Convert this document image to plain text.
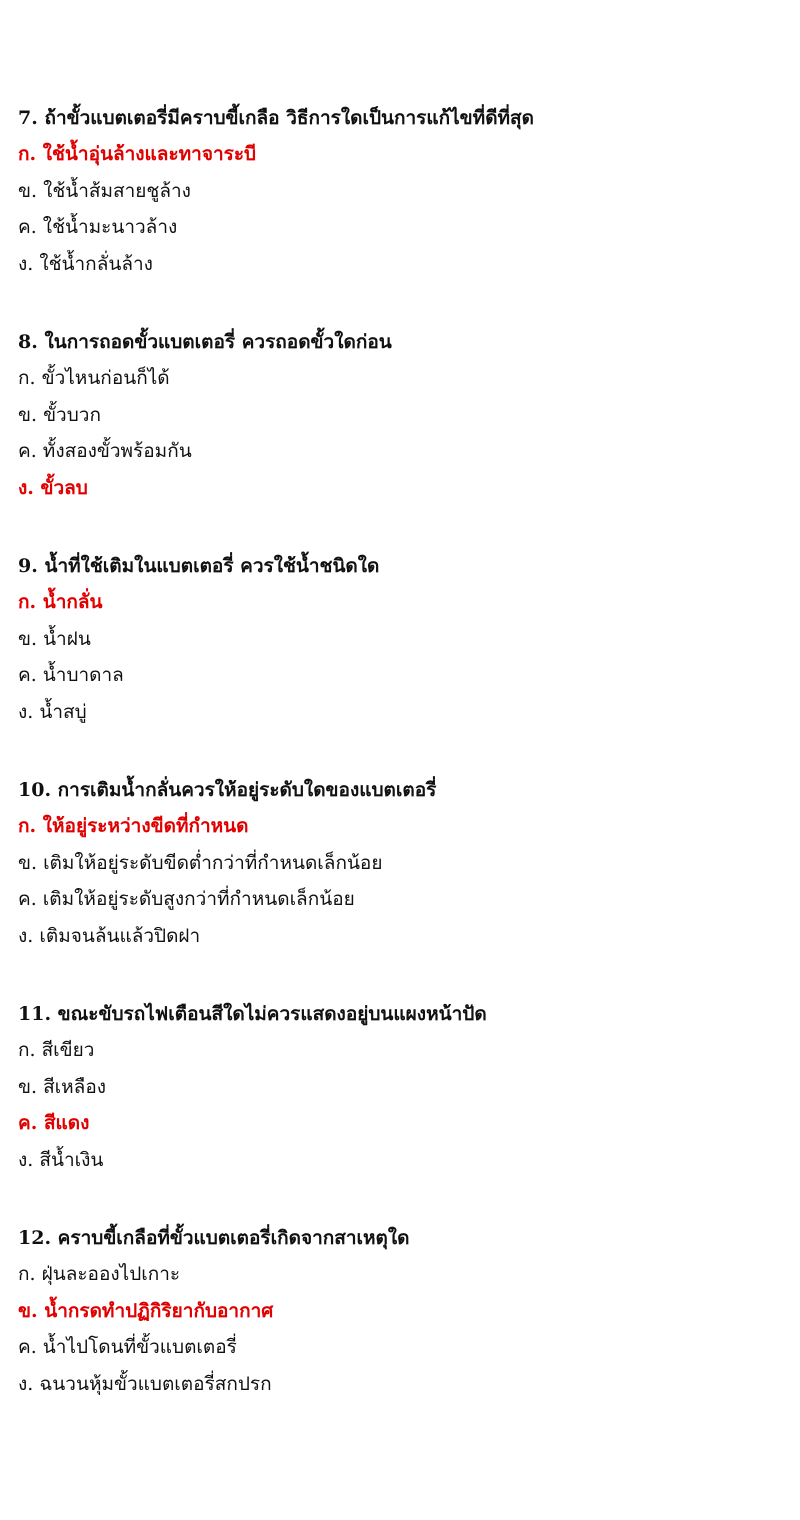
7. ถ้าขั้วแบตเตอรี่มีคราบขี้เกลือ วิธีการใดเป็นการแก้ไขที่ดีที่สุด
ก. ใช้น้ำอุ่นล้างและทาจาระบี
ข. ใช้น้ำส้มสายชูล้าง
ค. ใช้น้ำมะนาวล้าง
ง. ใช้น้ำกลั่นล้าง
8. ในการถอดขั้วแบตเตอรี่ ควรถอดขั้วใดก่อน
ก. ขั้วไหนก่อนก็ได้
ข. ขั้วบวก
ค. ทั้งสองขั้วพร้อมกัน
ง. ขั้วลบ
9. น้ำที่ใช้เติมในแบตเตอรี่ ควรใช้น้ำชนิดใด
ก. น้ำกลั่น
ข. น้ำฝน
ค. น้ำบาดาล
ง. น้ำสบู่
10. การเติมน้ำกลั่นควรให้อยู่ระดับใดของแบตเตอรี่
ก. ให้อยู่ระหว่างขีดที่กำหนด
ข. เติมให้อยู่ระดับขีดต่ำกว่าที่กำหนดเล็กน้อย
ค. เติมให้อยู่ระดับสูงกว่าที่กำหนดเล็กน้อย
ง. เติมจนล้นแล้วปิดฝา
11. ขณะขับรถไฟเตือนสีใดไม่ควรแสดงอยู่บนแผงหน้าปัด
ก. สีเขียว
ข. สีเหลือง
ค. สีแดง
ง. สีน้ำเงิน
12. คราบขี้เกลือที่ขั้วแบตเตอรี่เกิดจากสาเหตุใด
ก. ฝุ่นละอองไปเกาะ
ข. น้ำกรดทำปฏิกิริยากับอากาศ
ค. น้ำไปโดนที่ขั้วแบตเตอรี่
ง. ฉนวนหุ้มขั้วแบตเตอรี่สกปรก
